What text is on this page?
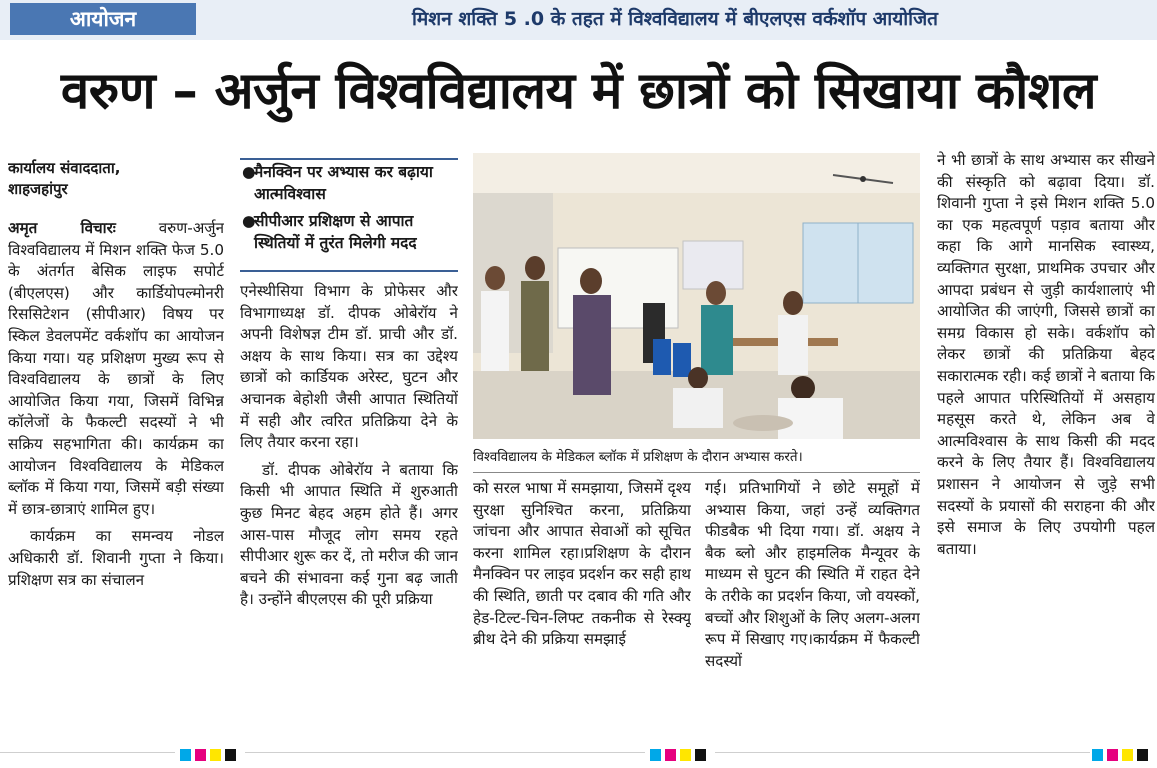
आयोजन	मिशन शक्ति 5 .0 के तहत में विश्वविद्यालय में बीएलएस वर्कशॉप आयोजित
वरुण – अर्जुन विश्वविद्यालय में छात्रों को सिखाया कौशल

कार्यालय संवाददाता,
शाहजहांपुर

अमृत विचारः	वरुण-अर्जुन विश्वविद्यालय में मिशन शक्ति फेज 5.0 के अंतर्गत बेसिक लाइफ सपोर्ट (बीएलएस) और कार्डियोपल्मोनरी रिससिटेशन (सीपीआर) विषय पर स्किल डेवलपमेंट वर्कशॉप का आयोजन किया गया। यह प्रशिक्षण मुख्य रूप से विश्वविद्यालय के छात्रों के लिए आयोजित किया गया, जिसमें विभिन्न कॉलेजों के फैकल्टी सदस्यों ने भी सक्रिय सहभागिता की। कार्यक्रम का आयोजन विश्वविद्यालय के मेडिकल ब्लॉक में किया गया, जिसमें बड़ी संख्या में छात्र-छात्राएं शामिल हुए।

कार्यक्रम का समन्वय नोडल अधिकारी डॉ. शिवानी गुप्ता ने किया। प्रशिक्षण सत्र का संचालन

●
मैनक्विन पर अभ्यास कर बढ़ाया आत्मविश्वास
●
सीपीआर प्रशिक्षण से आपात स्थितियों में तुरंत मिलेगी मदद

एनेस्थीसिया विभाग के प्रोफेसर और विभागाध्यक्ष डॉ. दीपक ओबेरॉय ने अपनी विशेषज्ञ टीम डॉ. प्राची और डॉ. अक्षय के साथ किया। सत्र का उद्देश्य छात्रों को कार्डियक अरेस्ट, घुटन और अचानक बेहोशी जैसी आपात स्थितियों में सही और त्वरित प्रतिक्रिया देने के लिए तैयार करना रहा।

डॉ. दीपक ओबेरॉय ने बताया कि किसी भी आपात स्थिति में शुरुआती कुछ मिनट बेहद अहम होते हैं। अगर आस-पास मौजूद लोग समय रहते सीपीआर शुरू कर दें, तो मरीज की जान बचने की संभावना कई गुना बढ़ जाती है। उन्होंने बीएलएस की पूरी प्रक्रिया

विश्वविद्यालय के मेडिकल ब्लॉक में प्रशिक्षण के दौरान अभ्यास करते।

को सरल भाषा में समझाया, जिसमें दृश्य सुरक्षा सुनिश्चित करना, प्रतिक्रिया जांचना और आपात सेवाओं को सूचित करना शामिल रहा।प्रशिक्षण के दौरान मैनक्विन पर लाइव प्रदर्शन कर सही हाथ की स्थिति, छाती पर दबाव की गति और हेड-टिल्ट-चिन-लिफ्ट तकनीक से रेस्क्यू ब्रीथ देने की प्रक्रिया समझाई

गई। प्रतिभागियों ने छोटे समूहों में अभ्यास किया, जहां उन्हें व्यक्तिगत फीडबैक भी दिया गया। डॉ. अक्षय ने बैक ब्लो और हाइमलिक मैन्यूवर के माध्यम से घुटन की स्थिति में राहत देने के तरीके का प्रदर्शन किया, जो वयस्कों, बच्चों और शिशुओं के लिए अलग-अलग रूप में सिखाए गए।कार्यक्रम में फैकल्टी सदस्यों

ने भी छात्रों के साथ अभ्यास कर सीखने की संस्कृति को बढ़ावा दिया। डॉ. शिवानी गुप्ता ने इसे मिशन शक्ति 5.0 का एक महत्वपूर्ण पड़ाव बताया और कहा कि आगे मानसिक स्वास्थ्य, व्यक्तिगत सुरक्षा, प्राथमिक उपचार और आपदा प्रबंधन से जुड़ी कार्यशालाएं भी आयोजित की जाएंगी, जिससे छात्रों का समग्र विकास हो सके। वर्कशॉप को लेकर छात्रों की प्रतिक्रिया बेहद सकारात्मक रही। कई छात्रों ने बताया कि पहले आपात परिस्थितियों में असहाय महसूस करते थे, लेकिन अब वे आत्मविश्वास के साथ किसी की मदद करने के लिए तैयार हैं। विश्वविद्यालय प्रशासन ने आयोजन से जुड़े सभी सदस्यों के प्रयासों की सराहना की और इसे समाज के लिए उपयोगी पहल बताया।
